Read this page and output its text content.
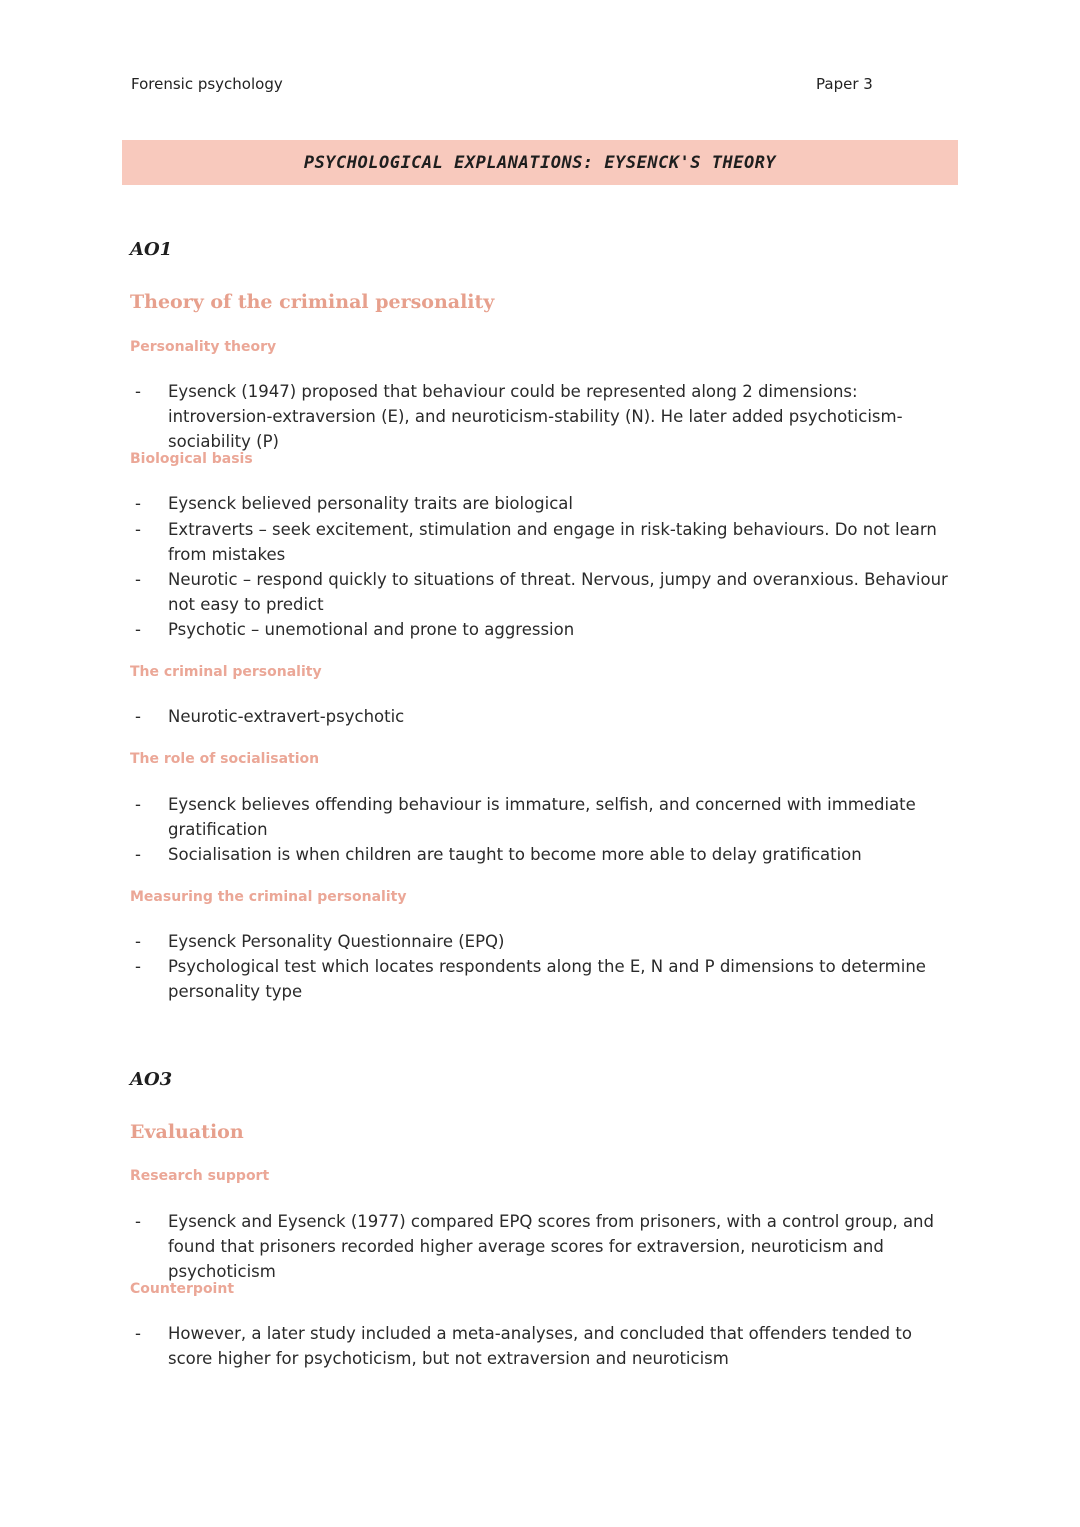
Forensic psychology	Paper 3
PSYCHOLOGICAL EXPLANATIONS: EYSENCK'S THEORY
AO1
Theory of the criminal personality
Personality theory
- Eysenck (1947) proposed that behaviour could be represented along 2 dimensions: introversion-extraversion (E), and neuroticism-stability (N). He later added psychoticism-sociability (P)
Biological basis
- Eysenck believed personality traits are biological
- Extraverts – seek excitement, stimulation and engage in risk-taking behaviours. Do not learn from mistakes
- Neurotic – respond quickly to situations of threat. Nervous, jumpy and overanxious. Behaviour not easy to predict
- Psychotic – unemotional and prone to aggression
The criminal personality
- Neurotic-extravert-psychotic
The role of socialisation
- Eysenck believes offending behaviour is immature, selfish, and concerned with immediate gratification
- Socialisation is when children are taught to become more able to delay gratification
Measuring the criminal personality
- Eysenck Personality Questionnaire (EPQ)
- Psychological test which locates respondents along the E, N and P dimensions to determine personality type
AO3
Evaluation
Research support
- Eysenck and Eysenck (1977) compared EPQ scores from prisoners, with a control group, and found that prisoners recorded higher average scores for extraversion, neuroticism and psychoticism
Counterpoint
- However, a later study included a meta-analyses, and concluded that offenders tended to score higher for psychoticism, but not extraversion and neuroticism
